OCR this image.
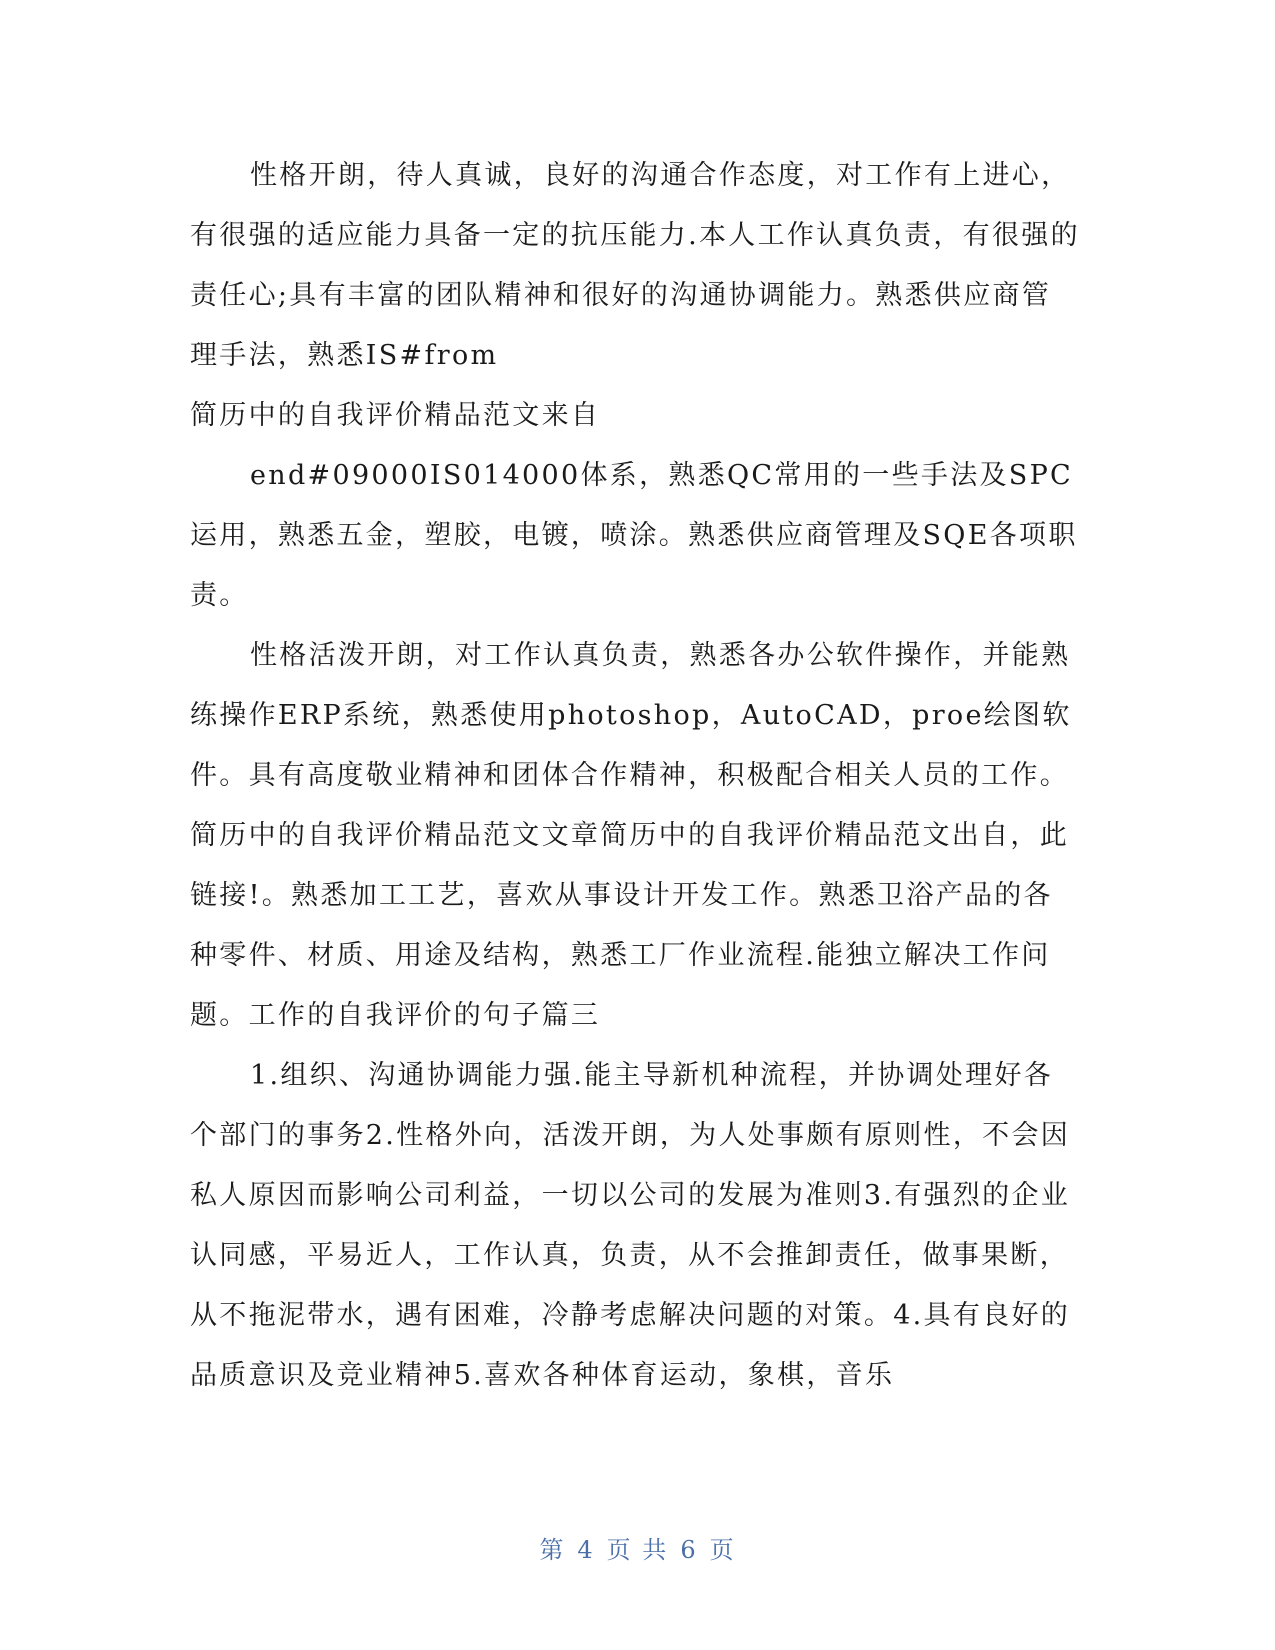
性格开朗，待人真诚，良好的沟通合作态度，对工作有上进心，有很强的适应能力具备一定的抗压能力.本人工作认真负责，有很强的责任心;具有丰富的团队精神和很好的沟通协调能力。熟悉供应商管理手法，熟悉IS#from

简历中的自我评价精品范文来自

end#09000IS014000体系，熟悉QC常用的一些手法及SPC运用，熟悉五金，塑胶，电镀，喷涂。熟悉供应商管理及SQE各项职责。

性格活泼开朗，对工作认真负责，熟悉各办公软件操作，并能熟练操作ERP系统，熟悉使用photoshop，AutoCAD，proe绘图软件。具有高度敬业精神和团体合作精神，积极配合相关人员的工作。简历中的自我评价精品范文文章简历中的自我评价精品范文出自，此链接!。熟悉加工工艺，喜欢从事设计开发工作。熟悉卫浴产品的各种零件、材质、用途及结构，熟悉工厂作业流程.能独立解决工作问题。工作的自我评价的句子篇三

1.组织、沟通协调能力强.能主导新机种流程，并协调处理好各个部门的事务2.性格外向，活泼开朗，为人处事颇有原则性，不会因私人原因而影响公司利益，一切以公司的发展为准则3.有强烈的企业认同感，平易近人，工作认真，负责，从不会推卸责任，做事果断，从不拖泥带水，遇有困难，冷静考虑解决问题的对策。4.具有良好的品质意识及竞业精神5.喜欢各种体育运动，象棋，音乐

第 4 页 共 6 页
